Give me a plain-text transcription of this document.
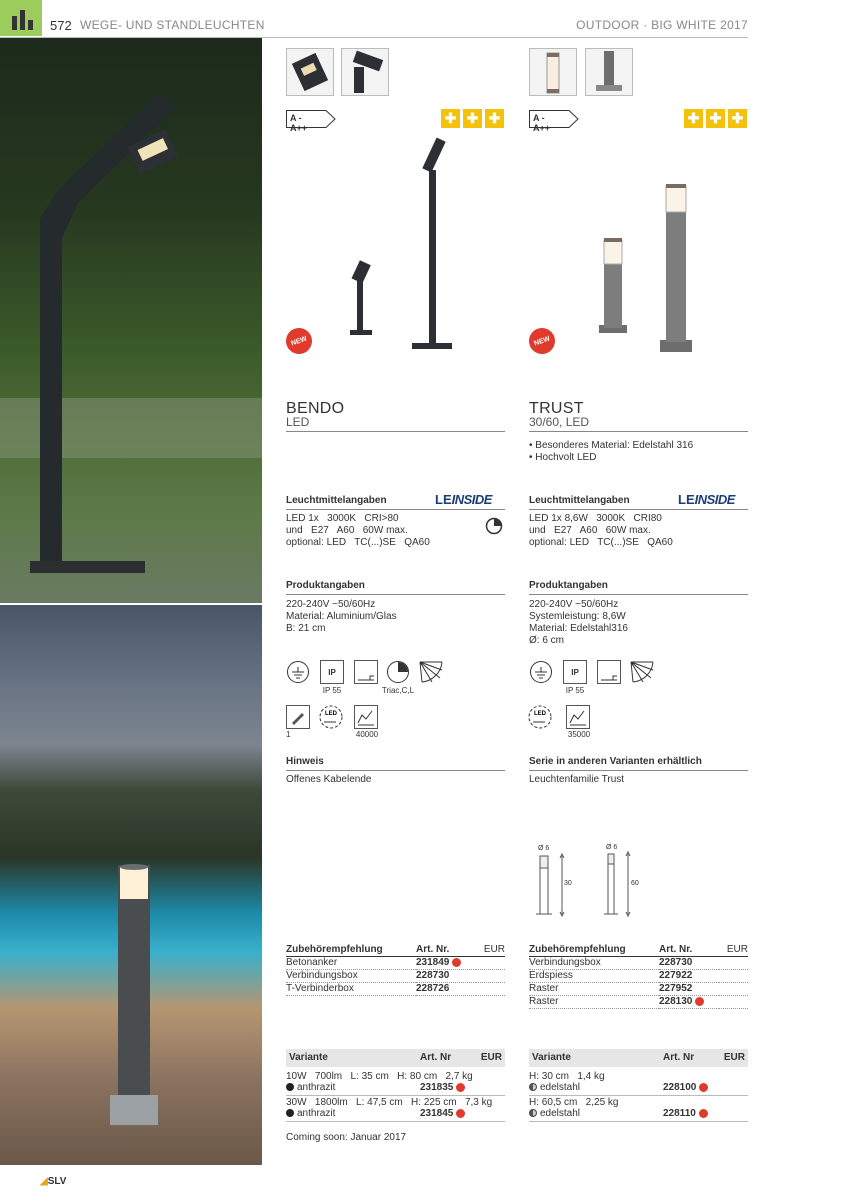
572 WEGE- UND STANDLEUCHTEN	OUTDOOR · BIG WHITE 2017
A - A++
✚ ✚ ✚
NEW
BENDO
LED
Leuchtmittelangaben	LEINSIDE
LED 1x   3000K   CRI>80
und   E27   A60   60W max.
optional: LED   TC(...)SE   QA60
Produktangaben
220-240V ~50/60Hz
Material: Aluminium/Glas
B: 21 cm
IP
IP 55	Triac,C,L
1
LED
40000
Hinweis
Offenes Kabelende
Zubehörempfehlung	Art. Nr.	EUR
Betonanker	231849	
Verbindungsbox	228730	
T-Verbinderbox	228726	
Variante	Art. Nr	EUR
10W   700lm   L: 35 cm   H: 80 cm   2,7 kg
anthrazit	231835
30W   1800lm   L: 47,5 cm   H: 225 cm   7,3 kg
anthrazit	231845
Coming soon: Januar 2017
A - A++
✚ ✚ ✚
NEW
TRUST
30/60, LED
• Besonderes Material: Edelstahl 316
• Hochvolt LED
Leuchtmittelangaben	LEINSIDE
LED 1x 8,6W   3000K   CRI80
und   E27   A60   60W max.
optional: LED   TC(...)SE   QA60
Produktangaben
220-240V ~50/60Hz
Systemleistung: 8,6W
Material: Edelstahl316
Ø: 6 cm
IP
IP 55
LED
35000
Serie in anderen Varianten erhältlich
Leuchtenfamilie Trust
Ø 6
30
Ø 6
60
Zubehörempfehlung	Art. Nr.	EUR
Verbindungsbox	228730	
Erdspiess	227922	
Raster	227952	
Raster	228130	
Variante	Art. Nr	EUR
H: 30 cm   1,4 kg
edelstahl	228100
H: 60,5 cm   2,25 kg
edelstahl	228110
◢SLV
